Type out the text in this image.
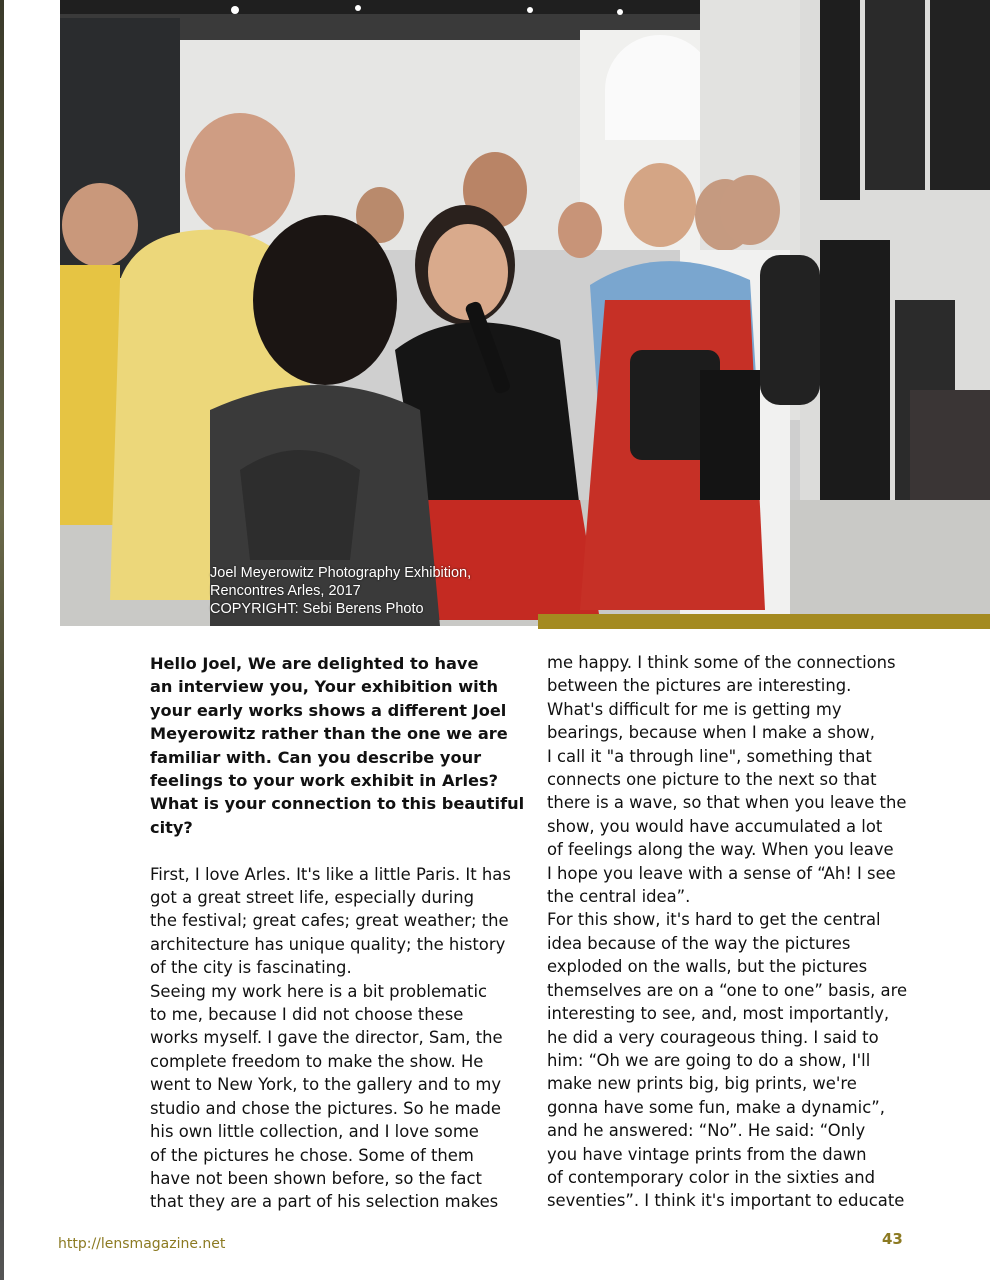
Joel Meyerowitz Photography Exhibition,
Rencontres Arles, 2017
COPYRIGHT: Sebi Berens Photo
Hello Joel, We are delighted to have
an interview you, Your exhibition with
your early works shows a different Joel
Meyerowitz rather than the one we are
familiar with. Can you describe your
feelings to your work exhibit in Arles?
What is your connection to this beautiful
city?
First, I love Arles. It's like a little Paris. It has
got a great street life, especially during
the festival; great cafes; great weather; the
architecture has unique quality; the history
of the city is fascinating.
Seeing my work here is a bit problematic
to me, because I did not choose these
works myself. I gave the director, Sam, the
complete freedom to make the show. He
went to New York, to the gallery and to my
studio and chose the pictures. So he made
his own little collection, and I love some
of the pictures he chose. Some of them
have not been shown before, so the fact
that they are a part of his selection makes
me happy. I think some of the connections
between the pictures are interesting.
What's difficult for me is getting my
bearings, because when I make a show,
I call it "a through line", something that
connects one picture to the next so that
there is a wave, so that when you leave the
show, you would have accumulated a lot
of feelings along the way. When you leave
I hope you leave with a sense of “Ah! I see
the central idea”.
For this show, it's hard to get the central
idea because of the way the pictures
exploded on the walls, but the pictures
themselves are on a “one to one” basis, are
interesting to see, and, most importantly,
he did a very courageous thing. I said to
him: “Oh we are going to do a show, I'll
make new prints big, big prints, we're
gonna have some fun, make a dynamic”,
and he answered: “No”. He said: “Only
you have vintage prints from the dawn
of contemporary color in the sixties and
seventies”. I think it's important to educate
http://lensmagazine.net	43
